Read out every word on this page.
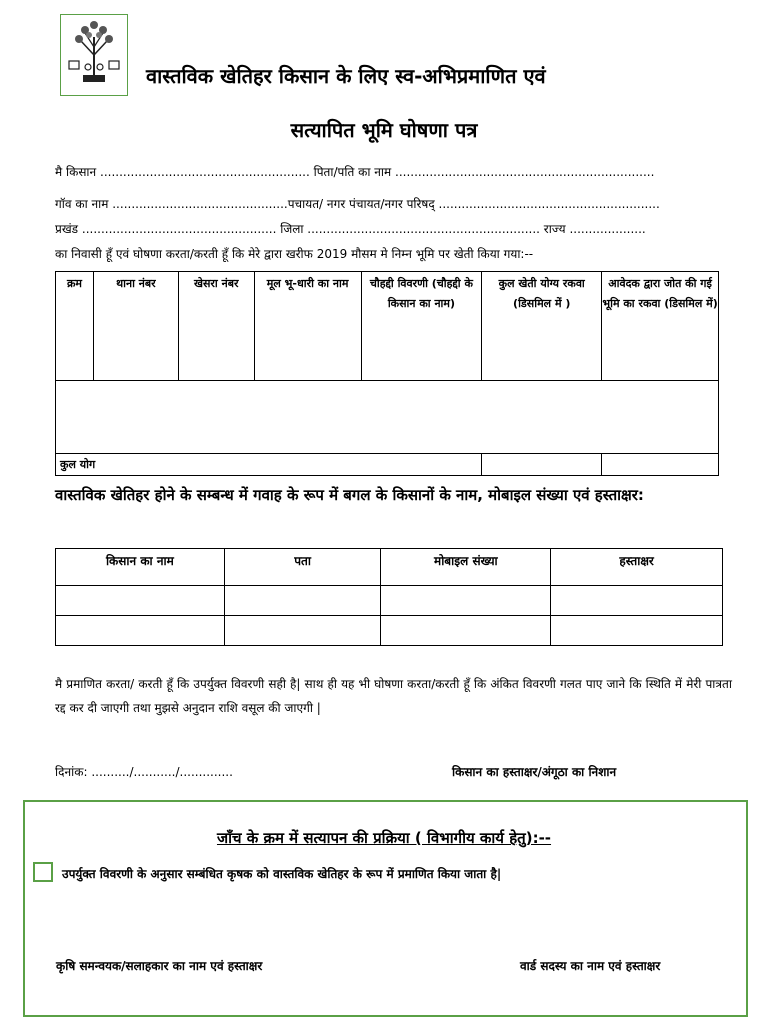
वास्तविक खेतिहर किसान के लिए स्व-अभिप्रमाणित एवं
सत्यापित भूमि घोषणा पत्र
मै किसान ....................................................... पिता/पति का नाम ....................................................................
गॉव का नाम ..............................................पचायत/ नगर पंचायत/नगर परिषद् ..........................................................
प्रखंड ................................................... जिला ............................................................. राज्य ....................
का निवासी हूँ एवं घोषणा करता/करती हूँ कि मेरे द्वारा खरीफ 2019 मौसम मे निम्न भूमि पर खेती किया गया:--
क्रम	थाना नंबर	खेसरा नंबर	मूल भू-धारी का नाम	चौहद्दी विवरणी (चौहद्दी के किसान का नाम)	कुल खेती योग्य रकवा (डिसमिल में )	आवेदक द्वारा जोत की गई भूमि का रकवा (डिसमिल में)

कुल योग						
वास्तविक खेतिहर होने के सम्बन्ध में गवाह के रूप में बगल के किसानों के नाम, मोबाइल संख्या एवं हस्ताक्षर:
किसान का नाम	पता	मोबाइल संख्या	हस्ताक्षर

मै प्रमाणित करता/ करती हूँ कि उपर्युक्त विवरणी सही है| साथ ही यह भी घोषणा करता/करती हूँ कि अंकित विवरणी गलत पाए जाने कि स्थिति में मेरी पात्रता रद्द कर दी जाएगी तथा मुझसे अनुदान राशि वसूल की जाएगी |
दिनांक: ........../.........../..............	किसान का हस्ताक्षर/अंगूठा का निशान
जाँच के क्रम में सत्यापन की प्रक्रिया ( विभागीय कार्य हेतु):--
उपर्युक्त विवरणी के अनुसार सम्बंधित कृषक को वास्तविक खेतिहर के रूप में प्रमाणित किया जाता है|
कृषि समन्वयक/सलाहकार का नाम एवं हस्ताक्षर	वार्ड सदस्य का नाम एवं हस्ताक्षर
